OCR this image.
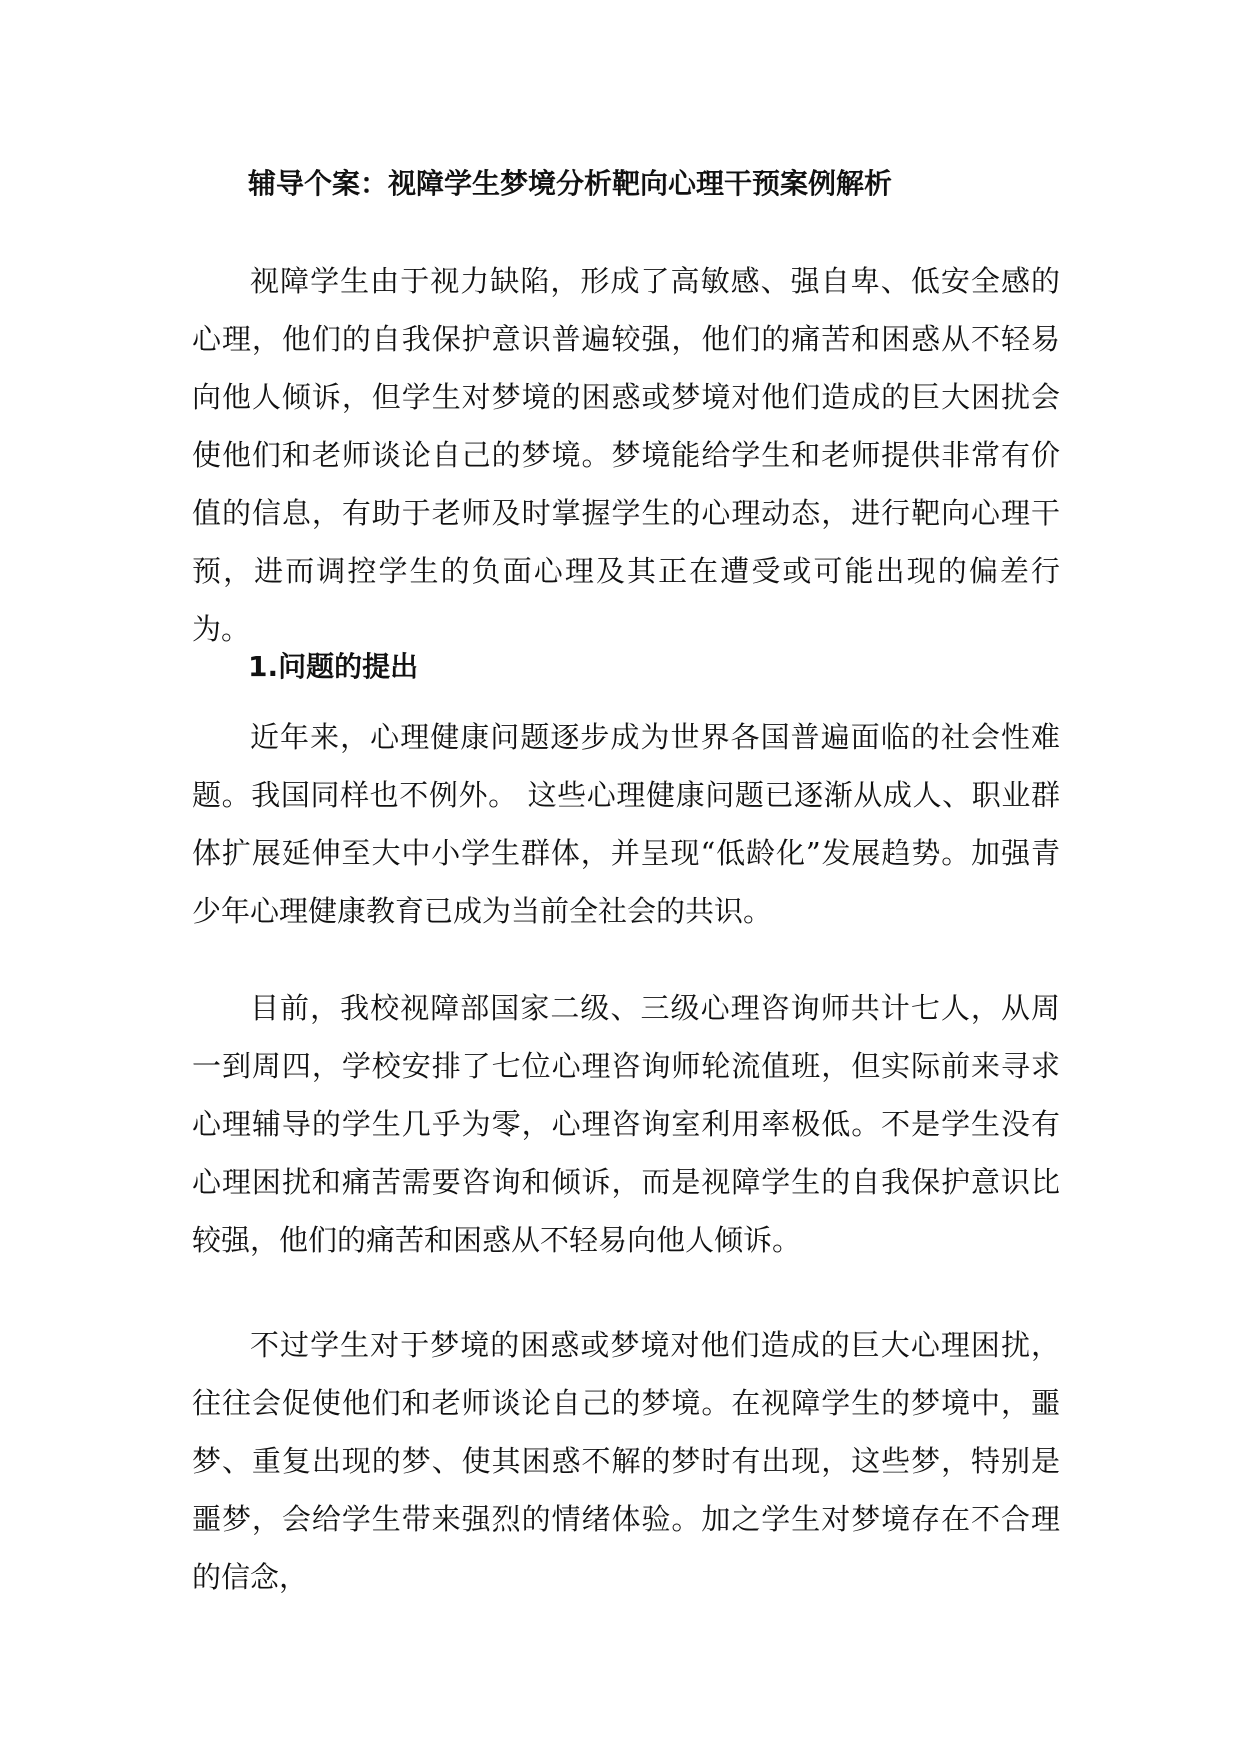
辅导个案：视障学生梦境分析靶向心理干预案例解析

视障学生由于视力缺陷，形成了高敏感、强自卑、低安全感的心理，他们的自我保护意识普遍较强，他们的痛苦和困惑从不轻易向他人倾诉，但学生对梦境的困惑或梦境对他们造成的巨大困扰会使他们和老师谈论自己的梦境。梦境能给学生和老师提供非常有价值的信息，有助于老师及时掌握学生的心理动态，进行靶向心理干预，进而调控学生的负面心理及其正在遭受或可能出现的偏差行为。

1.问题的提出

近年来，心理健康问题逐步成为世界各国普遍面临的社会性难题。我国同样也不例外。 这些心理健康问题已逐渐从成人、职业群体扩展延伸至大中小学生群体，并呈现“低龄化”发展趋势。加强青少年心理健康教育已成为当前全社会的共识。

目前，我校视障部国家二级、三级心理咨询师共计七人，从周一到周四，学校安排了七位心理咨询师轮流值班，但实际前来寻求心理辅导的学生几乎为零，心理咨询室利用率极低。不是学生没有心理困扰和痛苦需要咨询和倾诉，而是视障学生的自我保护意识比较强，他们的痛苦和困惑从不轻易向他人倾诉。

不过学生对于梦境的困惑或梦境对他们造成的巨大心理困扰，往往会促使他们和老师谈论自己的梦境。在视障学生的梦境中，噩梦、重复出现的梦、使其困惑不解的梦时有出现，这些梦，特别是噩梦，会给学生带来强烈的情绪体验。加之学生对梦境存在不合理的信念，
